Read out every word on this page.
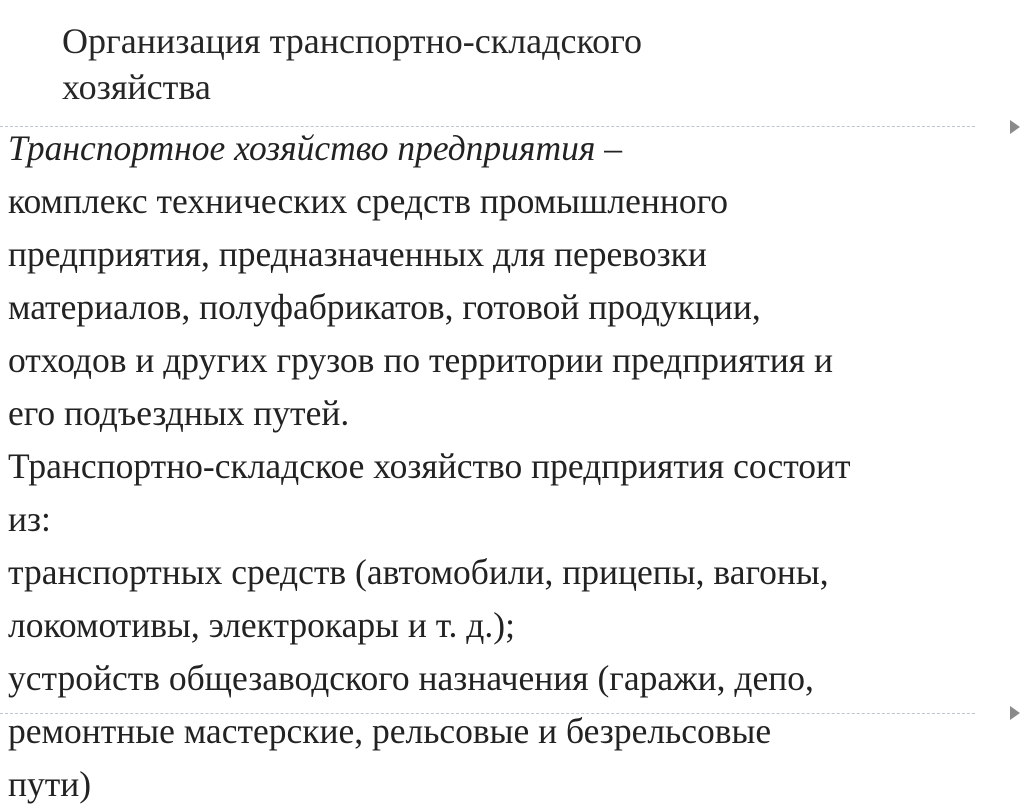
Организация транспортно-складского
хозяйства
Транспортное хозяйство предприятия –
комплекс технических средств промышленного
предприятия, предназначенных для перевозки
материалов, полуфабрикатов, готовой продукции,
отходов и других грузов по территории предприятия и
его подъездных путей.
Транспортно-складское хозяйство предприятия состоит
из:
транспортных средств (автомобили, прицепы, вагоны,
локомотивы, электрокары и т. д.);
устройств общезаводского назначения (гаражи, депо,
ремонтные мастерские, рельсовые и безрельсовые
пути)
